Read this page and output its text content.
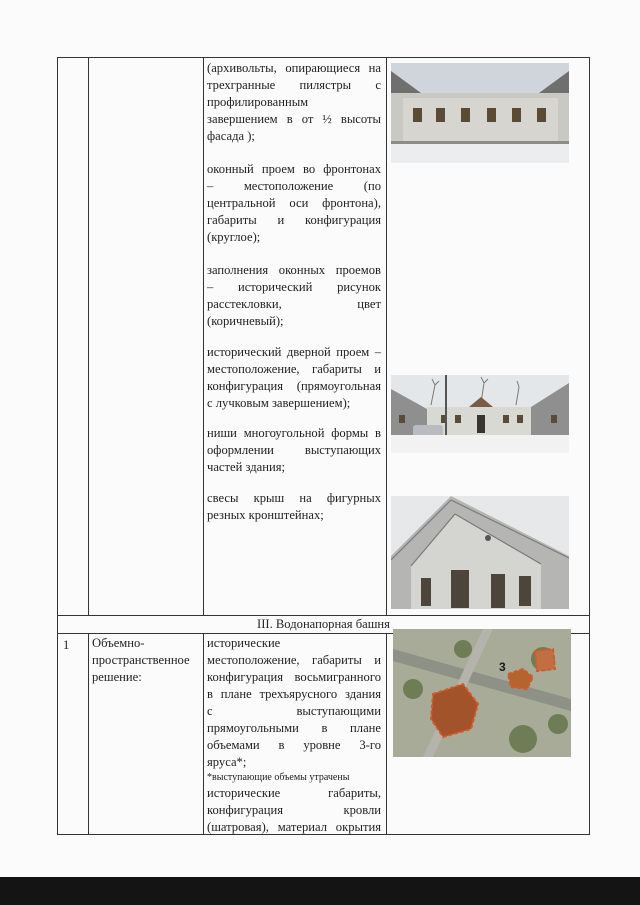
(архивольты, опирающиеся на
трехгранные пилястры с
профилированным
завершением в от ½ высоты
фасада );
оконный проем во фронтонах
– местоположение (по
центральной оси фронтона),
габариты и конфигурация
(круглое);
заполнения оконных проемов
– исторический рисунок
расстекловки, цвет
(коричневый);
исторический дверной проем –
местоположение, габариты и
конфигурация (прямоугольная
с лучковым завершением);
ниши многоугольной формы в
оформлении выступающих
частей здания;
свесы крыш на фигурных
резных кронштейнах;
III. Водонапорная башня
1 Объемно-
пространственное
решение:
исторические
местоположение, габариты и
конфигурация восьмигранного
в плане трехъярусного здания
с выступающими
прямоугольными в плане
объемами в уровне 3-го
яруса*;
*выступающие объемы утрачены
исторические габариты,
конфигурация кровли
(шатровая), материал окрытия
3
